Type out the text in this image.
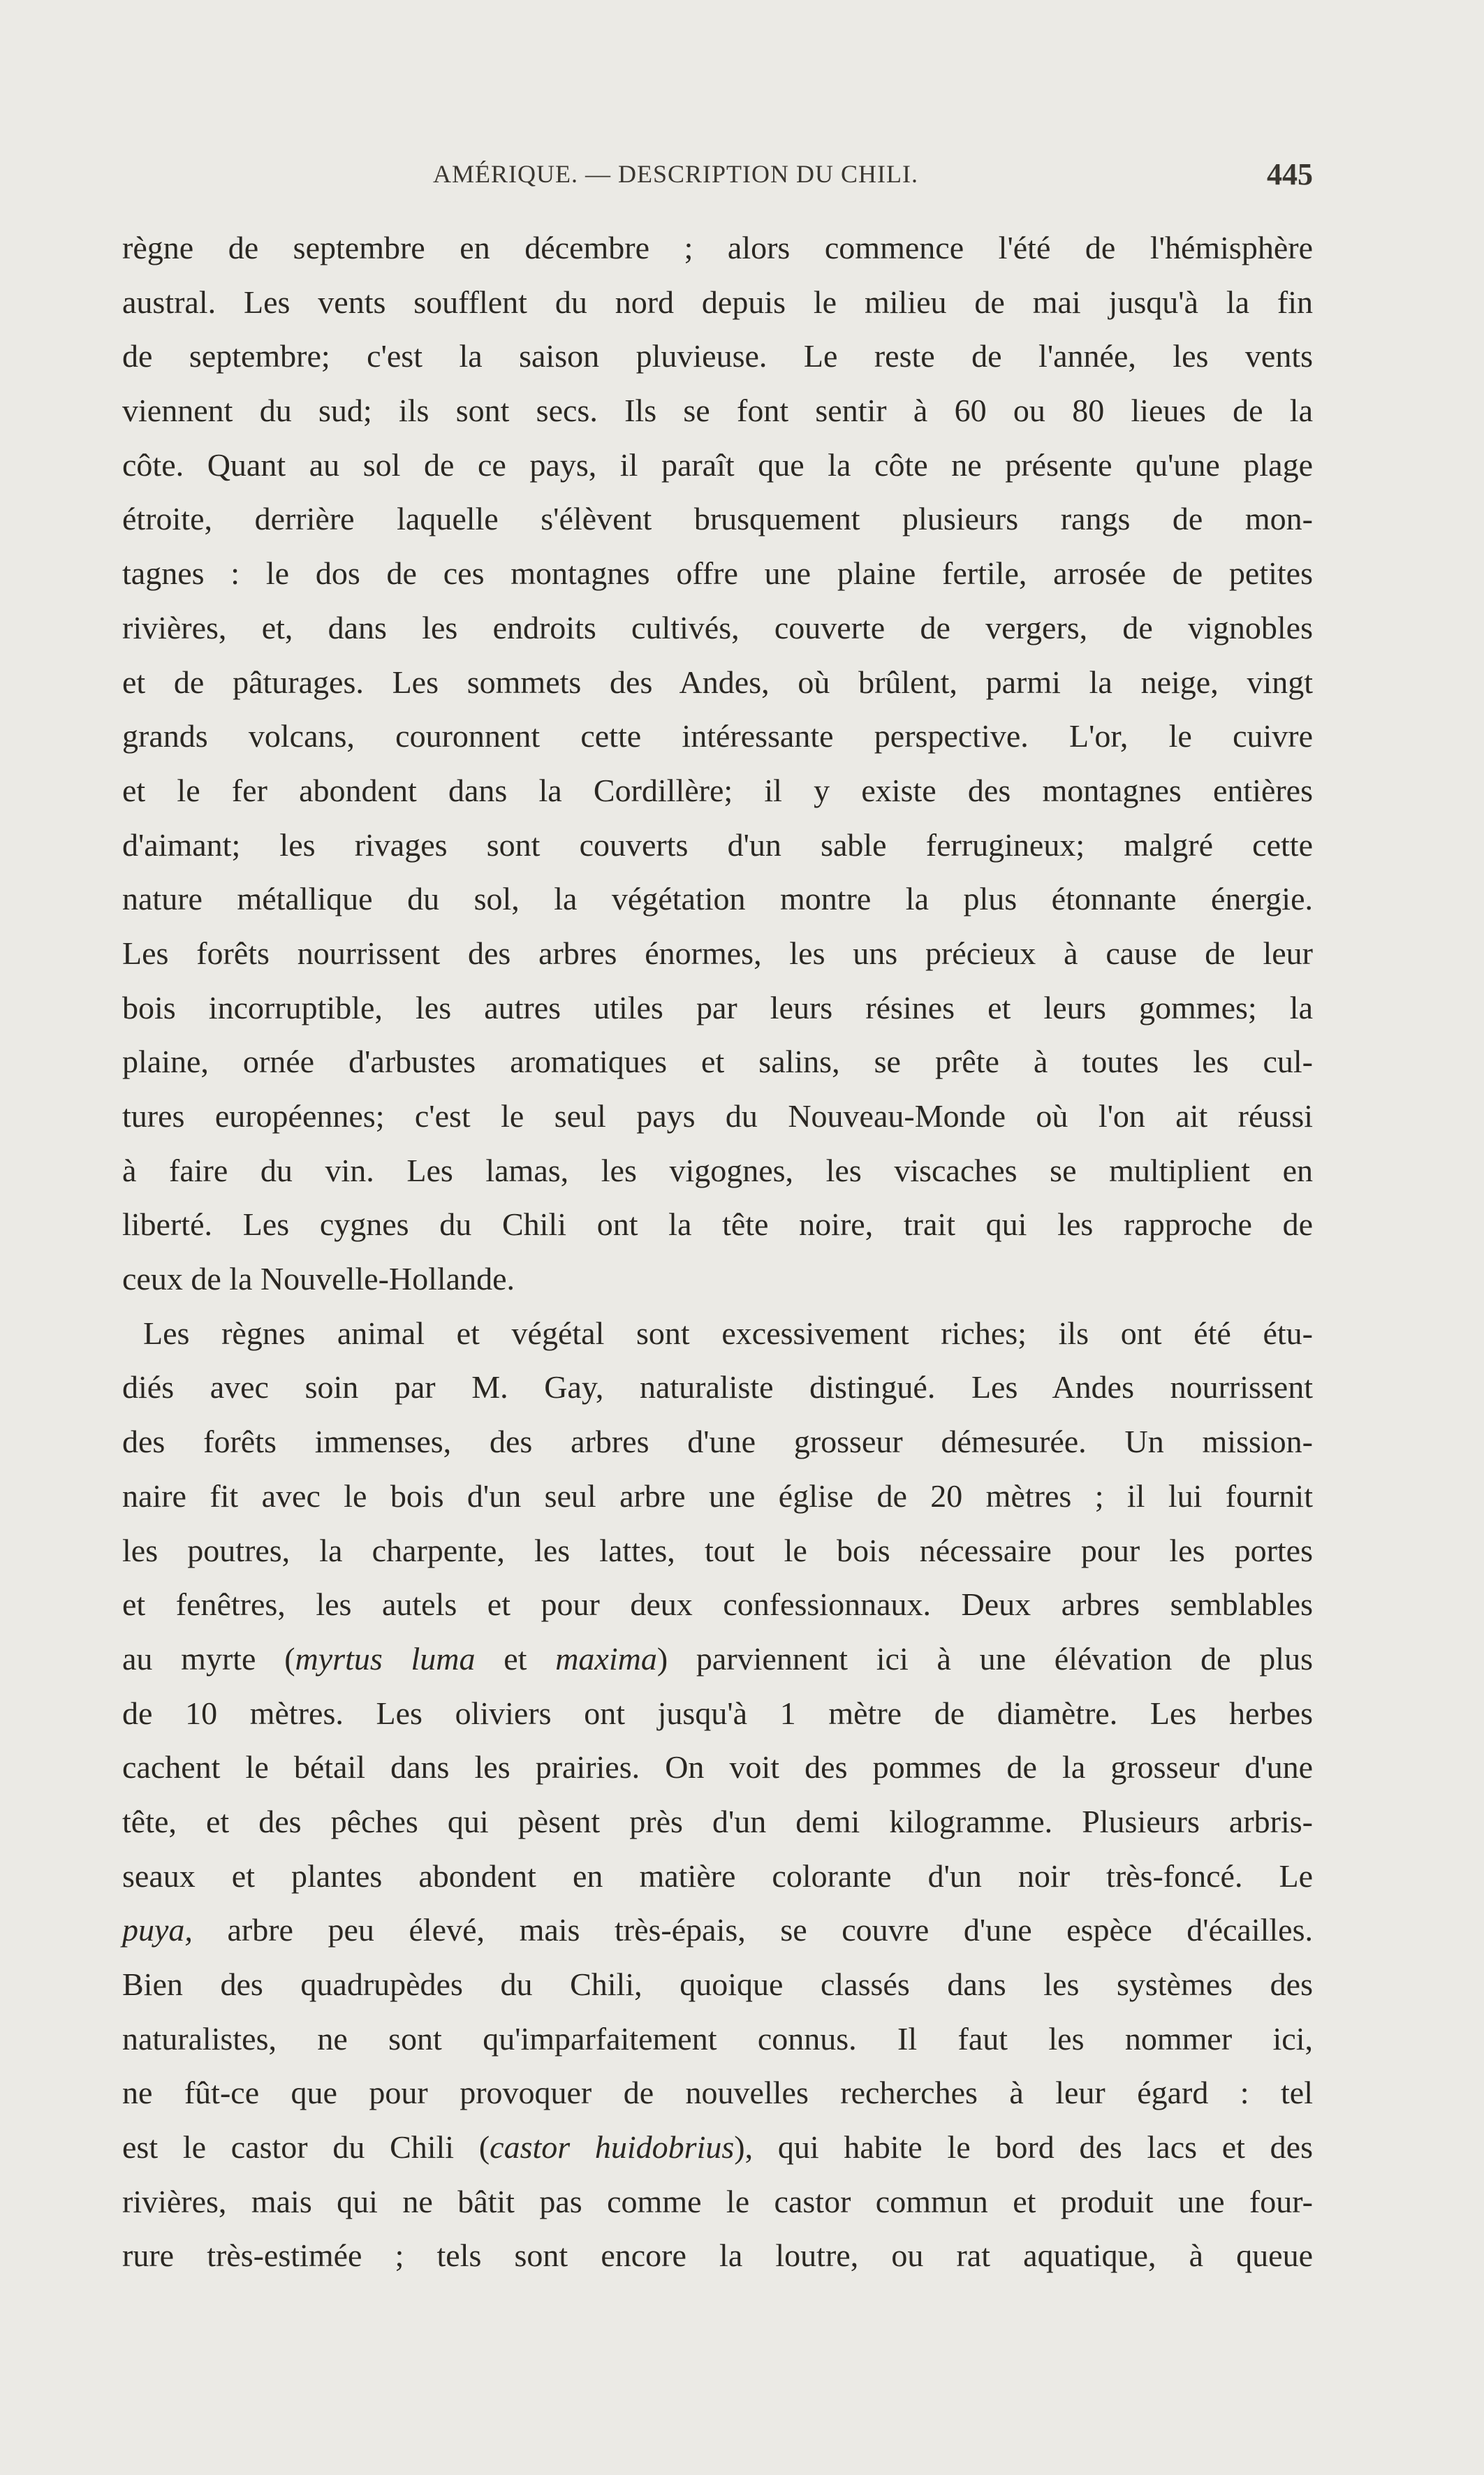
AMÉRIQUE. — DESCRIPTION DU CHILI.	445
règne de septembre en décembre ; alors commence l'été de l'hémisphère
austral. Les vents soufflent du nord depuis le milieu de mai jusqu'à la fin
de septembre; c'est la saison pluvieuse. Le reste de l'année, les vents
viennent du sud; ils sont secs. Ils se font sentir à 60 ou 80 lieues de la
côte. Quant au sol de ce pays, il paraît que la côte ne présente qu'une plage
étroite, derrière laquelle s'élèvent brusquement plusieurs rangs de mon-
tagnes : le dos de ces montagnes offre une plaine fertile, arrosée de petites
rivières, et, dans les endroits cultivés, couverte de vergers, de vignobles
et de pâturages. Les sommets des Andes, où brûlent, parmi la neige, vingt
grands volcans, couronnent cette intéressante perspective. L'or, le cuivre
et le fer abondent dans la Cordillère; il y existe des montagnes entières
d'aimant; les rivages sont couverts d'un sable ferrugineux; malgré cette
nature métallique du sol, la végétation montre la plus étonnante énergie.
Les forêts nourrissent des arbres énormes, les uns précieux à cause de leur
bois incorruptible, les autres utiles par leurs résines et leurs gommes; la
plaine, ornée d'arbustes aromatiques et salins, se prête à toutes les cul-
tures européennes; c'est le seul pays du Nouveau-Monde où l'on ait réussi
à faire du vin. Les lamas, les vigognes, les viscaches se multiplient en
liberté. Les cygnes du Chili ont la tête noire, trait qui les rapproche de
ceux de la Nouvelle-Hollande.
Les règnes animal et végétal sont excessivement riches; ils ont été étu-
diés avec soin par M. Gay, naturaliste distingué. Les Andes nourrissent
des forêts immenses, des arbres d'une grosseur démesurée. Un mission-
naire fit avec le bois d'un seul arbre une église de 20 mètres ; il lui fournit
les poutres, la charpente, les lattes, tout le bois nécessaire pour les portes
et fenêtres, les autels et pour deux confessionnaux. Deux arbres semblables
au myrte (myrtus luma et maxima) parviennent ici à une élévation de plus
de 10 mètres. Les oliviers ont jusqu'à 1 mètre de diamètre. Les herbes
cachent le bétail dans les prairies. On voit des pommes de la grosseur d'une
tête, et des pêches qui pèsent près d'un demi kilogramme. Plusieurs arbris-
seaux et plantes abondent en matière colorante d'un noir très-foncé. Le
puya, arbre peu élevé, mais très-épais, se couvre d'une espèce d'écailles.
Bien des quadrupèdes du Chili, quoique classés dans les systèmes des
naturalistes, ne sont qu'imparfaitement connus. Il faut les nommer ici,
ne fût-ce que pour provoquer de nouvelles recherches à leur égard : tel
est le castor du Chili (castor huidobrius), qui habite le bord des lacs et des
rivières, mais qui ne bâtit pas comme le castor commun et produit une four-
rure très-estimée ; tels sont encore la loutre, ou rat aquatique, à queue
